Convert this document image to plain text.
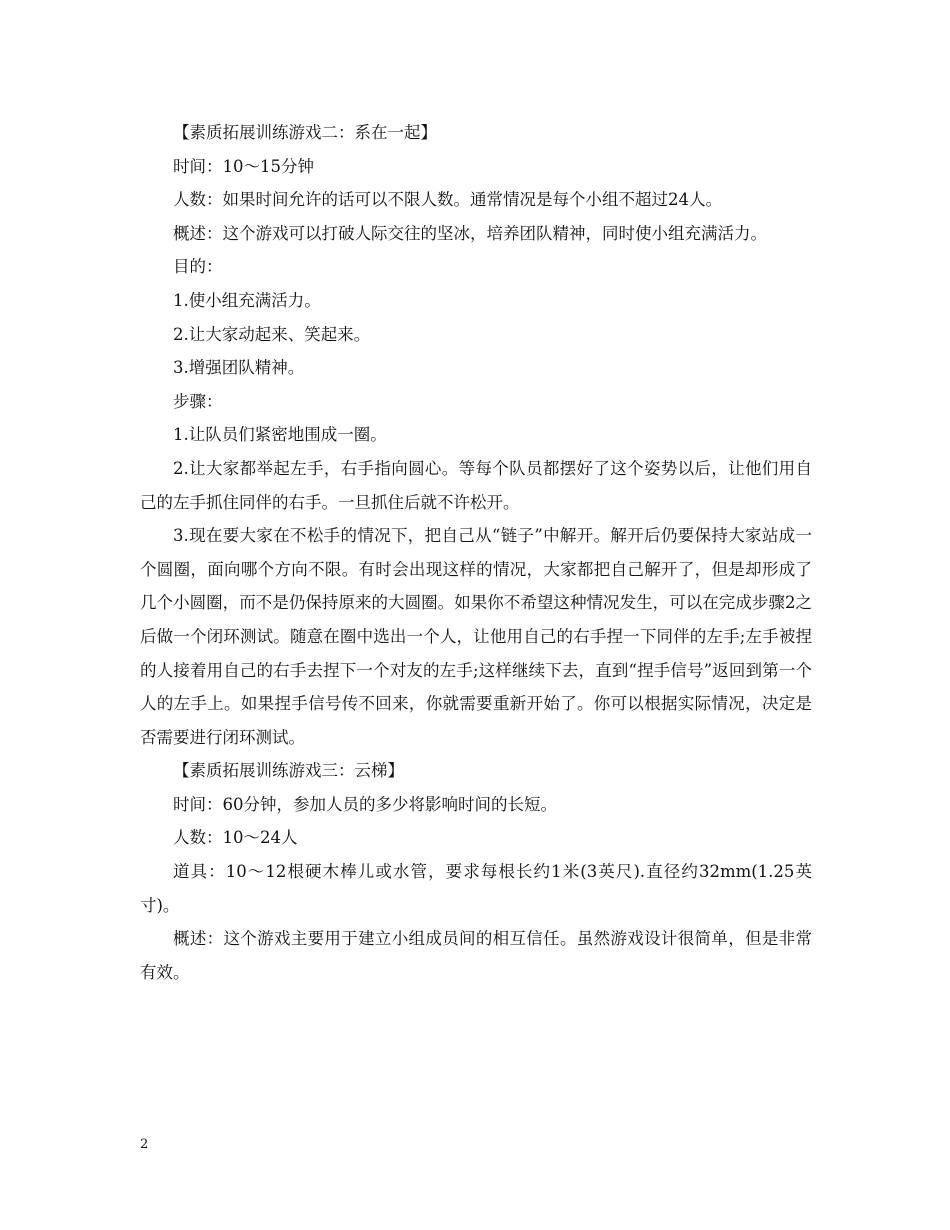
【素质拓展训练游戏二：系在一起】

时间：10～15分钟

人数：如果时间允许的话可以不限人数。通常情况是每个小组不超过24人。

概述：这个游戏可以打破人际交往的坚冰，培养团队精神，同时使小组充满活力。

目的：

1.使小组充满活力。

2.让大家动起来、笑起来。

3.增强团队精神。

步骤：

1.让队员们紧密地围成一圈。

2.让大家都举起左手，右手指向圆心。等每个队员都摆好了这个姿势以后，让他们用自己的左手抓住同伴的右手。一旦抓住后就不许松开。

3.现在要大家在不松手的情况下，把自己从“链子”中解开。解开后仍要保持大家站成一个圆圈，面向哪个方向不限。有时会出现这样的情况，大家都把自己解开了，但是却形成了几个小圆圈，而不是仍保持原来的大圆圈。如果你不希望这种情况发生，可以在完成步骤2之后做一个闭环测试。随意在圈中选出一个人，让他用自己的右手捏一下同伴的左手;左手被捏的人接着用自己的右手去捏下一个对友的左手;这样继续下去，直到“捏手信号”返回到第一个人的左手上。如果捏手信号传不回来，你就需要重新开始了。你可以根据实际情况，决定是否需要进行闭环测试。

【素质拓展训练游戏三：云梯】

时间：60分钟，参加人员的多少将影响时间的长短。

人数：10～24人

道具：10～12根硬木棒儿或水管，要求每根长约1米(3英尺).直径约32mm(1.25英寸)。

概述：这个游戏主要用于建立小组成员间的相互信任。虽然游戏设计很简单，但是非常有效。

2
